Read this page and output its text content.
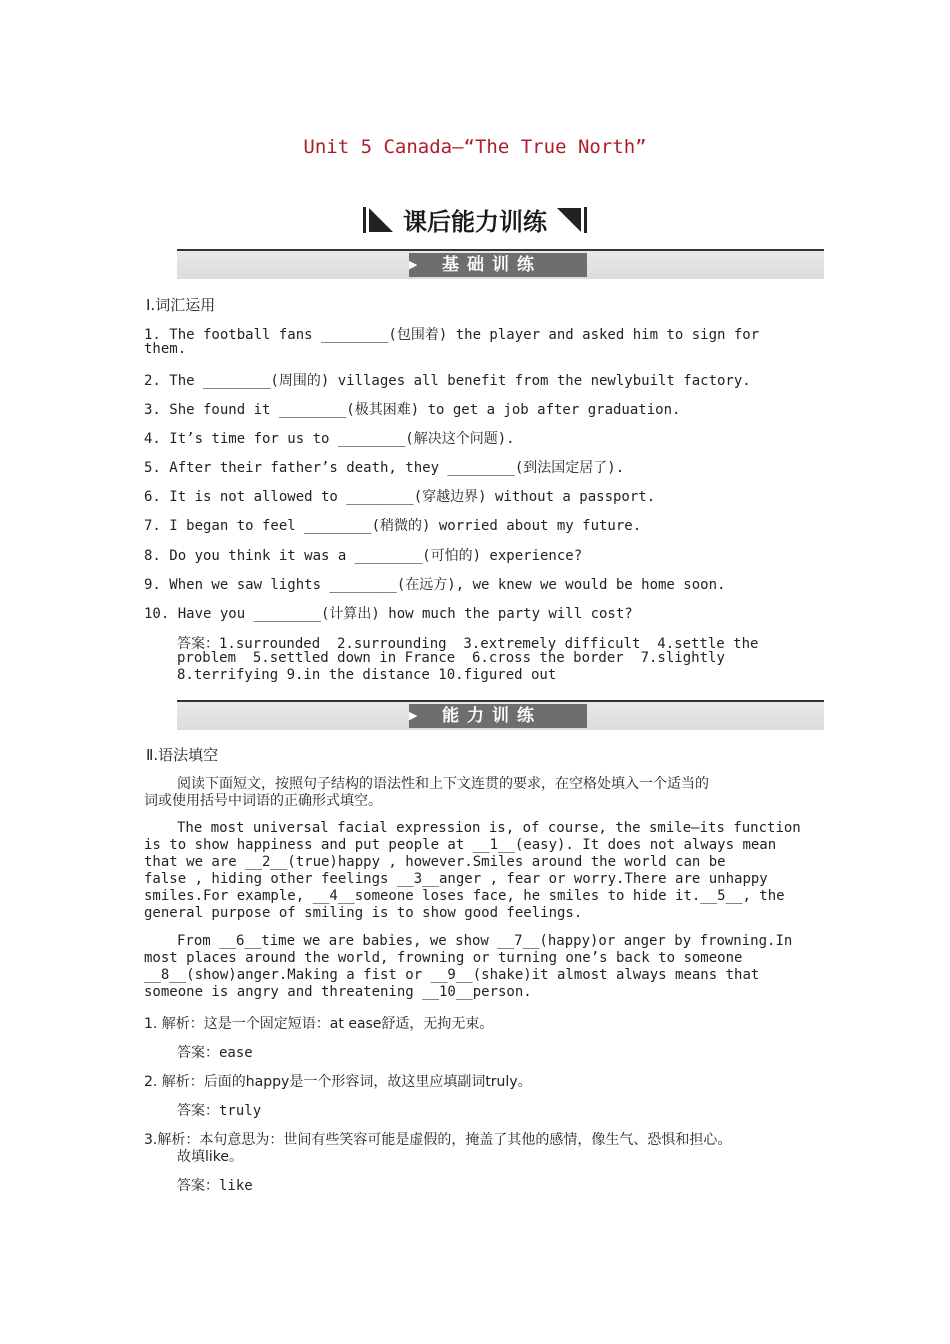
Unit 5 Canada—“The True North”
课后能力训练
▶	基础训练
Ⅰ.词汇运用
1. The football fans ________(包围着) the player and asked him to sign for
them.
2. The ________(周围的) villages all benefit from the newlybuilt factory.
3. She found it ________(极其困难) to get a job after graduation.
4. It’s time for us to ________(解决这个问题).
5. After their father’s death, they ________(到法国定居了).
6. It is not allowed to ________(穿越边界) without a passport.
7. I began to feel ________(稍微的) worried about my future.
8. Do you think it was a ________(可怕的) experience?
9. When we saw lights ________(在远方), we knew we would be home soon.
10. Have you ________(计算出) how much the party will cost?
答案：1.surrounded  2.surrounding  3.extremely difficult  4.settle the
problem  5.settled down in France  6.cross the border  7.slightly
8.terrifying 9.in the distance 10.figured out
▶	能力训练
Ⅱ.语法填空
阅读下面短文，按照句子结构的语法性和上下文连贯的要求，在空格处填入一个适当的
词或使用括号中词语的正确形式填空。
The most universal facial expression is, of course, the smile—its function
is to show happiness and put people at __1__(easy). It does not always mean
that we are __2__(true)happy , however.Smiles around the world can be
false , hiding other feelings __3__anger , fear or worry.There are unhappy
smiles.For example, __4__someone loses face, he smiles to hide it.__5__, the
general purpose of smiling is to show good feelings.
From __6__time we are babies, we show __7__(happy)or anger by frowning.In
most places around the world, frowning or turning one’s back to someone
__8__(show)anger.Making a fist or __9__(shake)it almost always means that
someone is angry and threatening __10__person.
1. 解析：这是一个固定短语：at ease舒适，无拘无束。
答案：ease
2. 解析：后面的happy是一个形容词，故这里应填副词truly。
答案：truly
3.解析：本句意思为：世间有些笑容可能是虚假的，掩盖了其他的感情，像生气、恐惧和担心。
故填like。
答案：like
